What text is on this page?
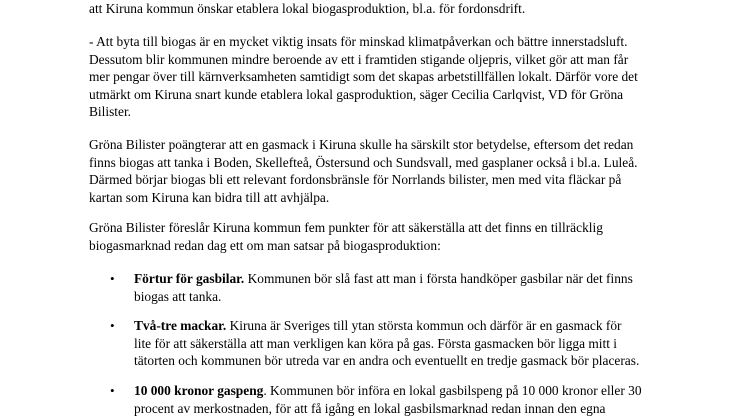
att Kiruna kommun önskar etablera lokal biogasproduktion, bl.a. för fordonsdrift.

- Att byta till biogas är en mycket viktig insats för minskad klimatpåverkan och bättre innerstadsluft.
Dessutom blir kommunen mindre beroende av ett i framtiden stigande oljepris, vilket gör att man får
mer pengar över till kärnverksamheten samtidigt som det skapas arbetstillfällen lokalt. Därför vore det
utmärkt om Kiruna snart kunde etablera lokal gasproduktion, säger Cecilia Carlqvist, VD för Gröna
Bilister.

Gröna Bilister poängterar att en gasmack i Kiruna skulle ha särskilt stor betydelse, eftersom det redan
finns biogas att tanka i Boden, Skellefteå, Östersund och Sundsvall, med gasplaner också i bl.a. Luleå.
Därmed börjar biogas bli ett relevant fordonsbränsle för Norrlands bilister, men med vita fläckar på
kartan som Kiruna kan bidra till att avhjälpa.

Gröna Bilister föreslår Kiruna kommun fem punkter för att säkerställa att det finns en tillräcklig
biogasmarknad redan dag ett om man satsar på biogasproduktion:

• Förtur för gasbilar. Kommunen bör slå fast att man i första handköper gasbilar när det finns
biogas att tanka.
• Två-tre mackar. Kiruna är Sveriges till ytan största kommun och därför är en gasmack för
lite för att säkerställa att man verkligen kan köra på gas. Första gasmacken bör ligga mitt i
tätorten och kommunen bör utreda var en andra och eventuellt en tredje gasmack bör placeras.
• 10 000 kronor gaspeng. Kommunen bör införa en lokal gasbilspeng på 10 000 kronor eller 30
procent av merkostnaden, för att få igång en lokal gasbilsmarknad redan innan den egna
